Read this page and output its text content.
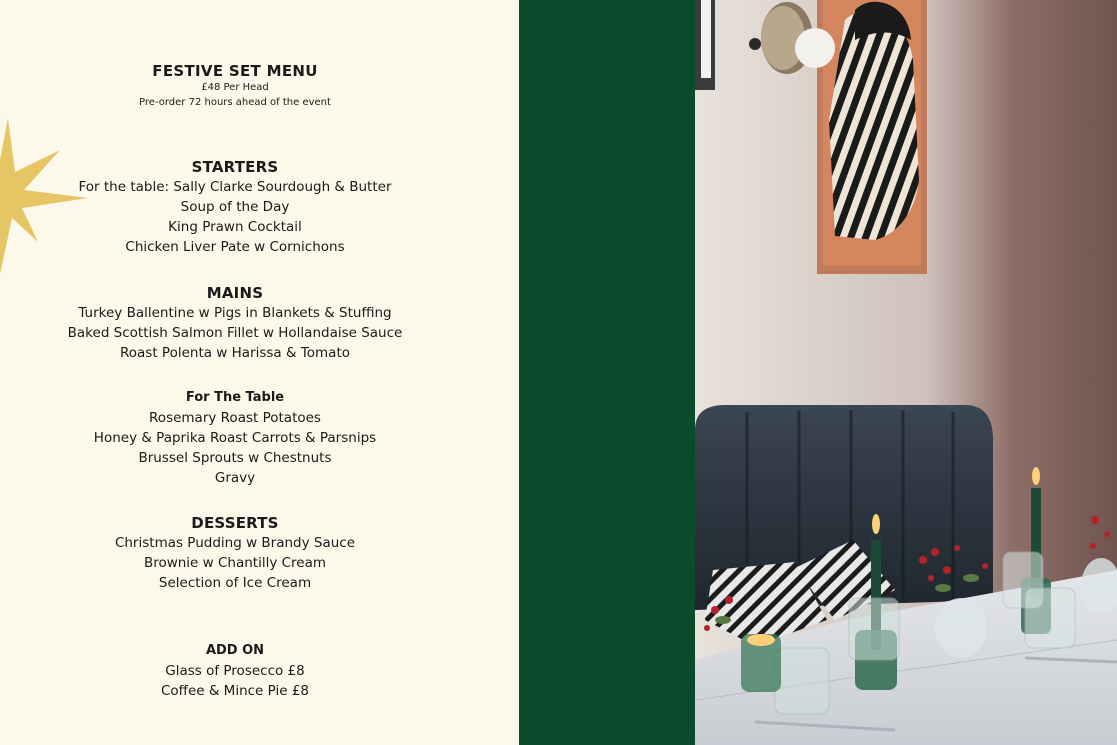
FESTIVE SET MENU

£48 Per Head

Pre-order 72 hours ahead of the event

STARTERS
For the table: Sally Clarke Sourdough & Butter
Soup of the Day
King Prawn Cocktail
Chicken Liver Pate w Cornichons
MAINS
Turkey Ballentine w Pigs in Blankets & Stuffing
Baked Scottish Salmon Fillet w Hollandaise Sauce
Roast Polenta w Harissa & Tomato
For The Table
Rosemary Roast Potatoes
Honey & Paprika Roast Carrots & Parsnips
Brussel Sprouts w Chestnuts
Gravy
DESSERTS
Christmas Pudding w Brandy Sauce
Brownie w Chantilly Cream
Selection of Ice Cream
ADD ON
Glass of Prosecco £8
Coffee & Mince Pie £8
